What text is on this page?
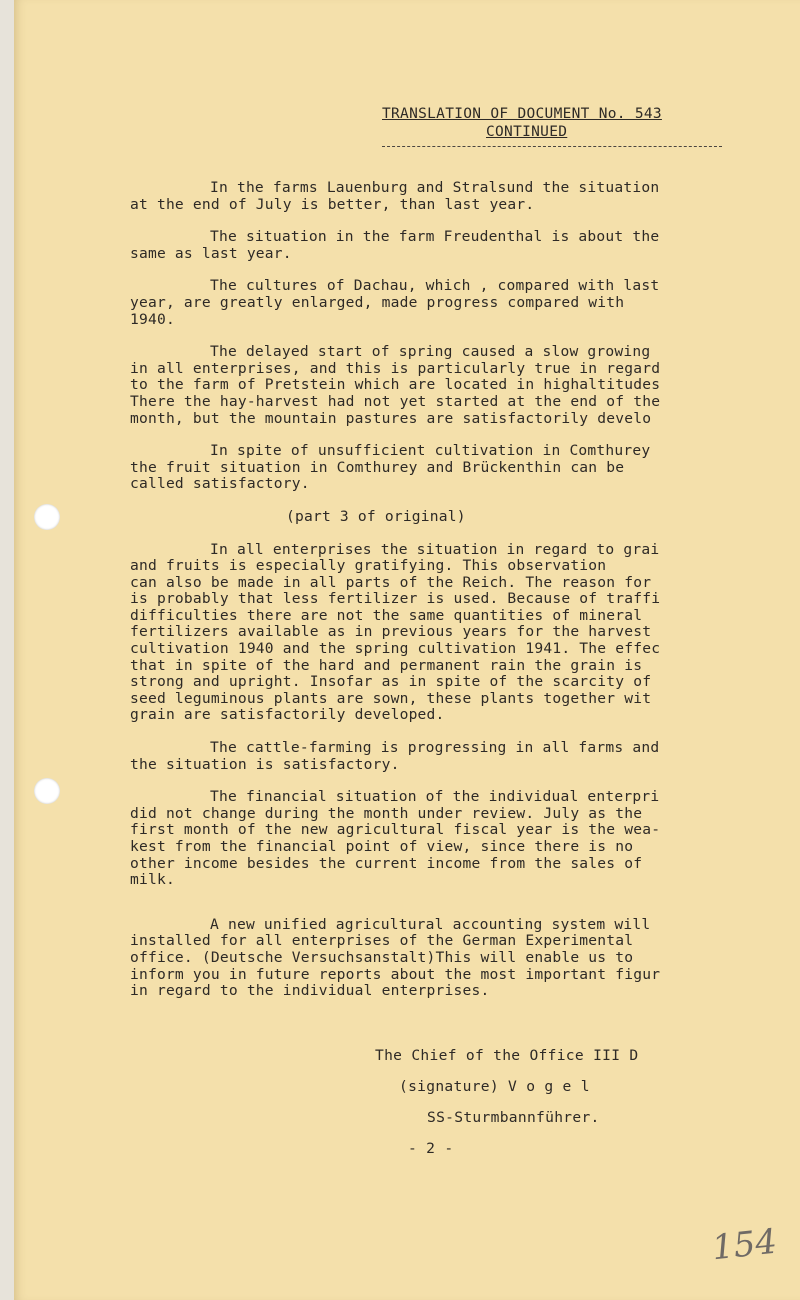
TRANSLATION OF DOCUMENT No. 543
CONTINUED

In the farms Lauenburg and Stralsund the situation
at the end of July is better, than last year.

The situation in the farm Freudenthal is about the
same as last year.

The cultures of Dachau, which , compared with last
year, are greatly enlarged, made progress compared with
1940.

The delayed start of spring caused a slow growing
in all enterprises, and this is particularly true in regard
to the farm of Pretstein which are located in highaltitudes
There the hay-harvest had not yet started at the end of the
month, but the mountain pastures are satisfactorily develo

In spite of unsufficient cultivation in Comthurey
the fruit situation in Comthurey and Brückenthin can be
called satisfactory.

(part 3 of original)

In all enterprises the situation in regard to grai
and fruits is especially gratifying. This observation
can also be made in all parts of the Reich. The reason for
is probably that less fertilizer is used. Because of traffi
difficulties there are not the same quantities of mineral
fertilizers available as in previous years for the harvest
cultivation 1940 and the spring cultivation 1941. The effec
that in spite of the hard and permanent rain the grain is
strong and upright. Insofar as in spite of the scarcity of
seed leguminous plants are sown, these plants together wit
grain are satisfactorily developed.

The cattle-farming is progressing in all farms and
the situation is satisfactory.

The financial situation of the individual enterpri
did not change during the month under review. July as the
first month of the new agricultural fiscal year is the wea-
kest from the financial point of view, since there is no
other income besides the current income from the sales of
milk.

A new unified agricultural accounting system will
installed for all enterprises of the German Experimental
office. (Deutsche Versuchsanstalt)This will enable us to
inform you in future reports about the most important figur
in regard to the individual enterprises.

The Chief of the Office III D
(signature) V o g e l
SS-Sturmbannführer.
- 2 -
154
